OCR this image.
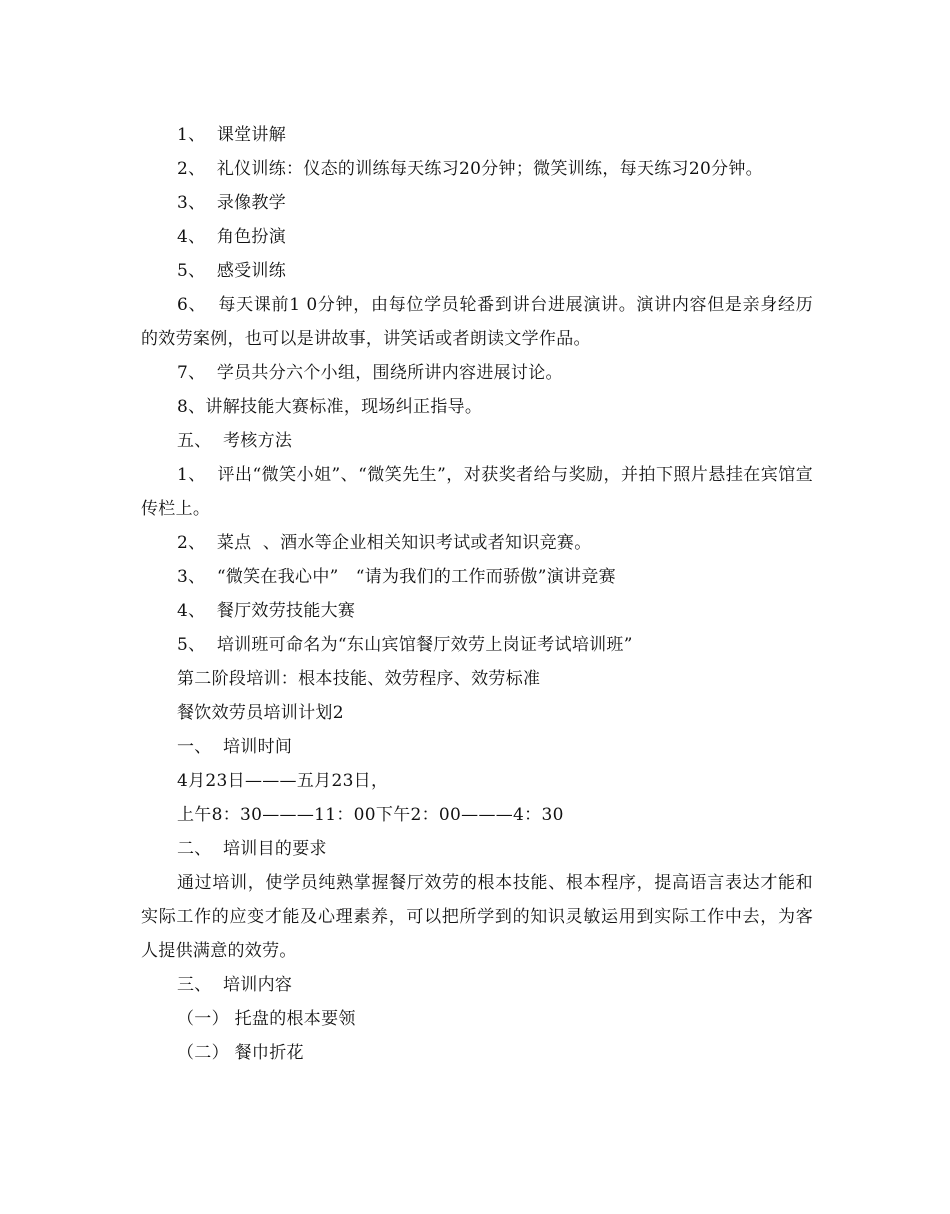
1、  课堂讲解

2、  礼仪训练：仪态的训练每天练习20分钟；微笑训练，每天练习20分钟。

3、  录像教学

4、  角色扮演

5、  感受训练

6、  每天课前1 0分钟，由每位学员轮番到讲台进展演讲。演讲内容但是亲身经历的效劳案例，也可以是讲故事，讲笑话或者朗读文学作品。

7、  学员共分六个小组，围绕所讲内容进展讨论。

8、讲解技能大赛标准，现场纠正指导。

五、  考核方法

1、  评出“微笑小姐”、“微笑先生”，对获奖者给与奖励，并拍下照片悬挂在宾馆宣传栏上。

2、  菜点  、酒水等企业相关知识考试或者知识竞赛。

3、  “微笑在我心中”   “请为我们的工作而骄傲”演讲竞赛

4、  餐厅效劳技能大赛

5、  培训班可命名为“东山宾馆餐厅效劳上岗证考试培训班”

第二阶段培训：根本技能、效劳程序、效劳标准

餐饮效劳员培训计划2

一、  培训时间

4月23日———五月23日，

上午8：30———11：00下午2：00———4：30

二、  培训目的要求

通过培训，使学员纯熟掌握餐厅效劳的根本技能、根本程序，提高语言表达才能和实际工作的应变才能及心理素养，可以把所学到的知识灵敏运用到实际工作中去，为客人提供满意的效劳。

三、  培训内容

（一） 托盘的根本要领

（二） 餐巾折花
